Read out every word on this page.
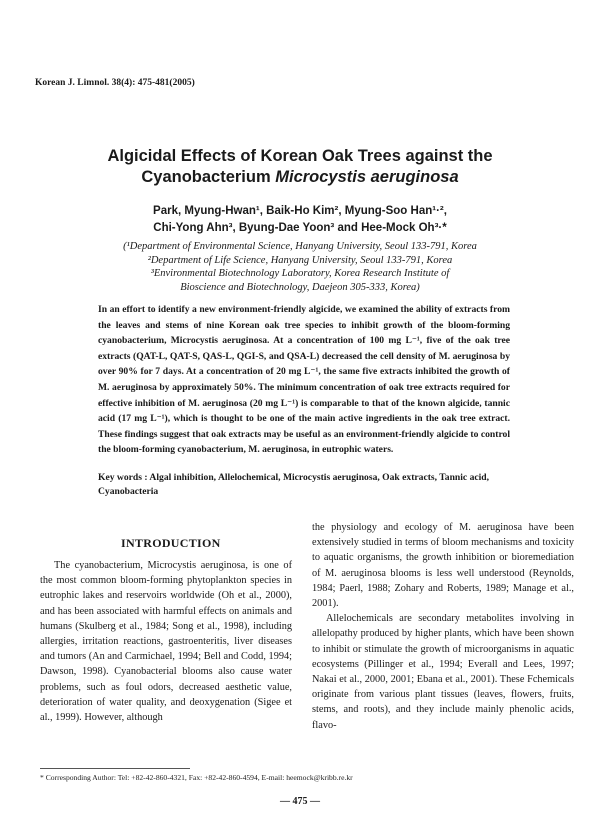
Korean J. Limnol. 38(4): 475-481(2005)
Algicidal Effects of Korean Oak Trees against the
Cyanobacterium Microcystis aeruginosa
Park, Myung-Hwan¹, Baik-Ho Kim², Myung-Soo Han¹·²,
Chi-Yong Ahn³, Byung-Dae Yoon³ and Hee-Mock Oh³·*
(¹Department of Environmental Science, Hanyang University, Seoul 133-791, Korea
²Department of Life Science, Hanyang University, Seoul 133-791, Korea
³Environmental Biotechnology Laboratory, Korea Research Institute of
Bioscience and Biotechnology, Daejeon 305-333, Korea)
In an effort to identify a new environment-friendly algicide, we examined the ability of extracts from the leaves and stems of nine Korean oak tree species to inhibit growth of the bloom-forming cyanobacterium, Microcystis aeruginosa. At a concentration of 100 mg L⁻¹, five of the oak tree extracts (QAT-L, QAT-S, QAS-L, QGI-S, and QSA-L) decreased the cell density of M. aeruginosa by over 90% for 7 days. At a concentration of 20 mg L⁻¹, the same five extracts inhibited the growth of M. aeruginosa by approximately 50%. The minimum concentration of oak tree extracts required for effective inhibition of M. aeruginosa (20 mg L⁻¹) is comparable to that of the known algicide, tannic acid (17 mg L⁻¹), which is thought to be one of the main active ingredients in the oak tree extract. These findings suggest that oak extracts may be useful as an environment-friendly algicide to control the bloom-forming cyanobacterium, M. aeruginosa, in eutrophic waters.
Key words : Algal inhibition, Allelochemical, Microcystis aeruginosa, Oak extracts, Tannic acid, Cyanobacteria
INTRODUCTION

The cyanobacterium, Microcystis aeruginosa, is one of the most common bloom-forming phytoplankton species in eutrophic lakes and reservoirs worldwide (Oh et al., 2000), and has been associated with harmful effects on animals and humans (Skulberg et al., 1984; Song et al., 1998), including allergies, irritation reactions, gastroenteritis, liver diseases and tumors (An and Carmichael, 1994; Bell and Codd, 1994; Dawson, 1998). Cyanobacterial blooms also cause water problems, such as foul odors, decreased aesthetic value, deterioration of water quality, and deoxygenation (Sigee et al., 1999). However, although

the physiology and ecology of M. aeruginosa have been extensively studied in terms of bloom mechanisms and toxicity to aquatic organisms, the growth inhibition or bioremediation of M. aeruginosa blooms is less well understood (Reynolds, 1984; Paerl, 1988; Zohary and Roberts, 1989; Manage et al., 2001).

Allelochemicals are secondary metabolites involving in allelopathy produced by higher plants, which have been shown to inhibit or stimulate the growth of microorganisms in aquatic ecosystems (Pillinger et al., 1994; Everall and Lees, 1997; Nakai et al., 2000, 2001; Ebana et al., 2001). These Fchemicals originate from various plant tissues (leaves, flowers, fruits, stems, and roots), and they include mainly phenolic acids, flavo-

* Corresponding Author: Tel: +82-42-860-4321, Fax: +82-42-860-4594, E-mail: heemock@kribb.re.kr
— 475 —
